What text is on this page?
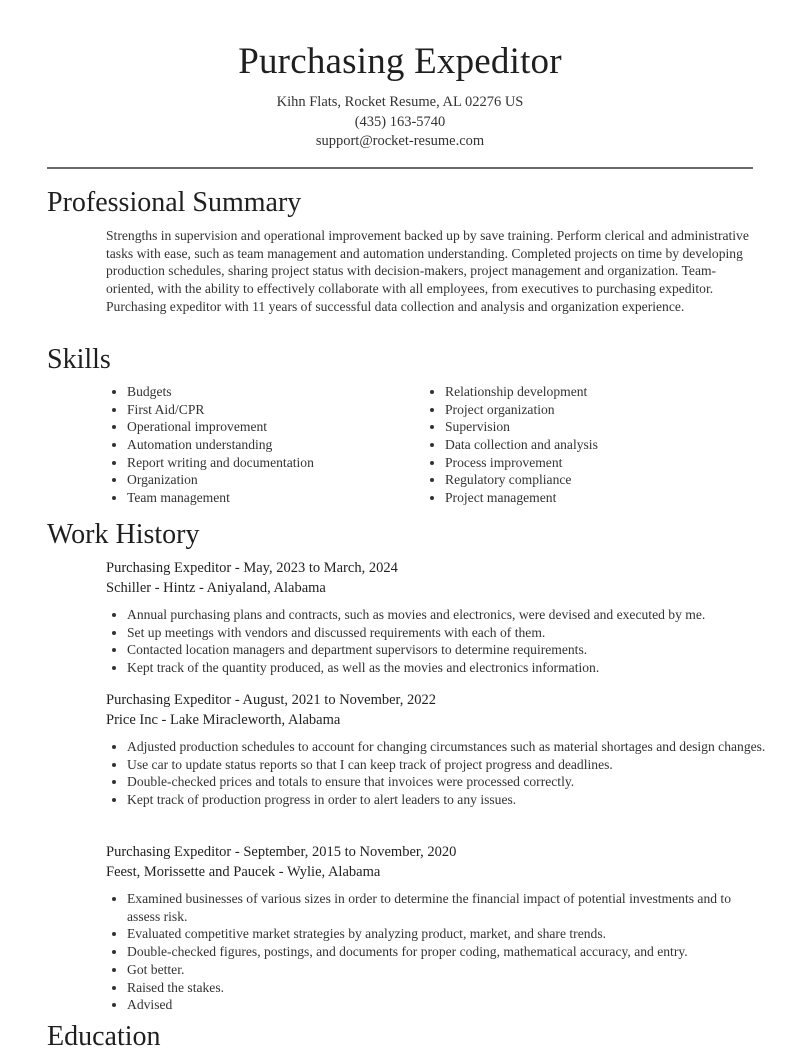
Purchasing Expeditor
Kihn Flats, Rocket Resume, AL 02276 US
(435) 163-5740
support@rocket-resume.com
Professional Summary
Strengths in supervision and operational improvement backed up by save training. Perform clerical and administrative tasks with ease, such as team management and automation understanding. Completed projects on time by developing production schedules, sharing project status with decision-makers, project management and organization. Team-oriented, with the ability to effectively collaborate with all employees, from executives to purchasing expeditor. Purchasing expeditor with 11 years of successful data collection and analysis and organization experience.
Skills
• Budgets
• First Aid/CPR
• Operational improvement
• Automation understanding
• Report writing and documentation
• Organization
• Team management
• Relationship development
• Project organization
• Supervision
• Data collection and analysis
• Process improvement
• Regulatory compliance
• Project management
Work History
Purchasing Expeditor - May, 2023 to March, 2024
Schiller - Hintz - Aniyaland, Alabama
• Annual purchasing plans and contracts, such as movies and electronics, were devised and executed by me.
• Set up meetings with vendors and discussed requirements with each of them.
• Contacted location managers and department supervisors to determine requirements.
• Kept track of the quantity produced, as well as the movies and electronics information.
Purchasing Expeditor - August, 2021 to November, 2022
Price Inc - Lake Miracleworth, Alabama
• Adjusted production schedules to account for changing circumstances such as material shortages and design changes.
• Use car to update status reports so that I can keep track of project progress and deadlines.
• Double-checked prices and totals to ensure that invoices were processed correctly.
• Kept track of production progress in order to alert leaders to any issues.
Purchasing Expeditor - September, 2015 to November, 2020
Feest, Morissette and Paucek - Wylie, Alabama
• Examined businesses of various sizes in order to determine the financial impact of potential investments and to assess risk.
• Evaluated competitive market strategies by analyzing product, market, and share trends.
• Double-checked figures, postings, and documents for proper coding, mathematical accuracy, and entry.
• Got better.
• Raised the stakes.
• Advised
Education
